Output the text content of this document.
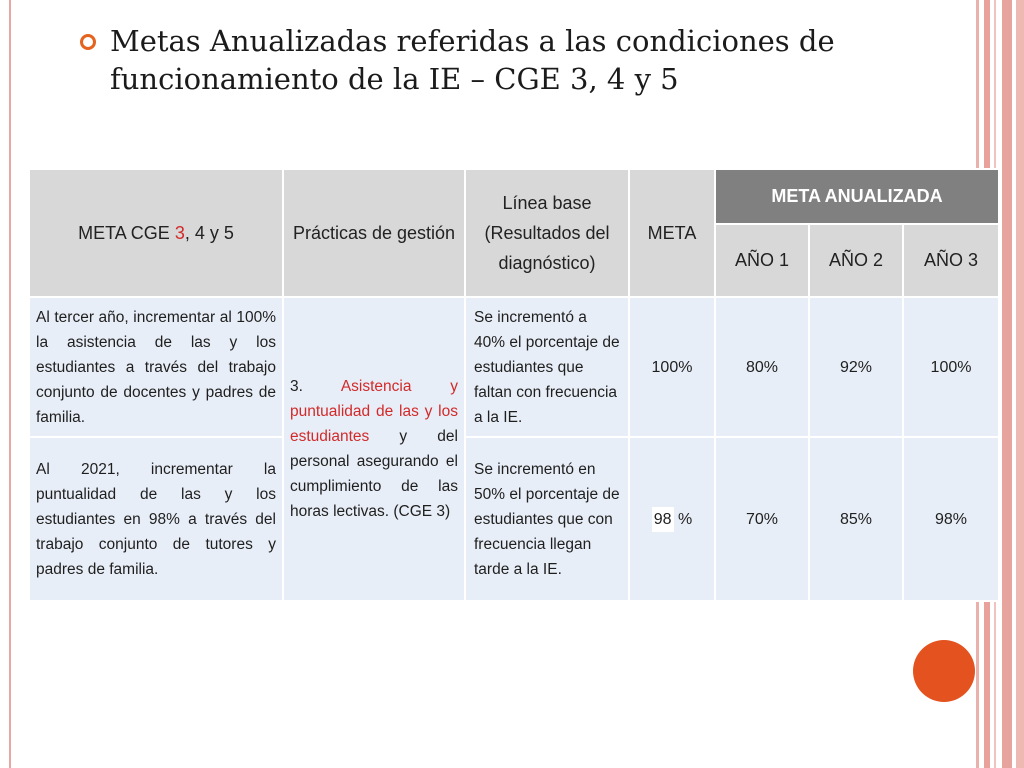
Metas Anualizadas referidas a las condiciones de funcionamiento de la IE – CGE 3, 4 y 5
META CGE 3, 4 y 5	Prácticas de gestión	Línea base (Resultados del diagnóstico)	META	META ANUALIZADA		
				AÑO 1	AÑO 2	AÑO 3
Al tercer año, incrementar al 100% la asistencia de las y los estudiantes a través del trabajo conjunto de docentes y padres de familia.	3. Asistencia y puntualidad de las y los estudiantes y del personal asegurando el cumplimiento de las horas lectivas. (CGE 3)	Se incrementó a 40% el porcentaje de estudiantes que faltan con frecuencia a la IE.	100%	80%	92%	100%
Al 2021, incrementar la puntualidad de las y los estudiantes en 98% a través del trabajo conjunto de tutores y padres de familia.		Se incrementó en 50% el porcentaje de estudiantes que con frecuencia llegan tarde a la IE.	98 %	70%	85%	98%
